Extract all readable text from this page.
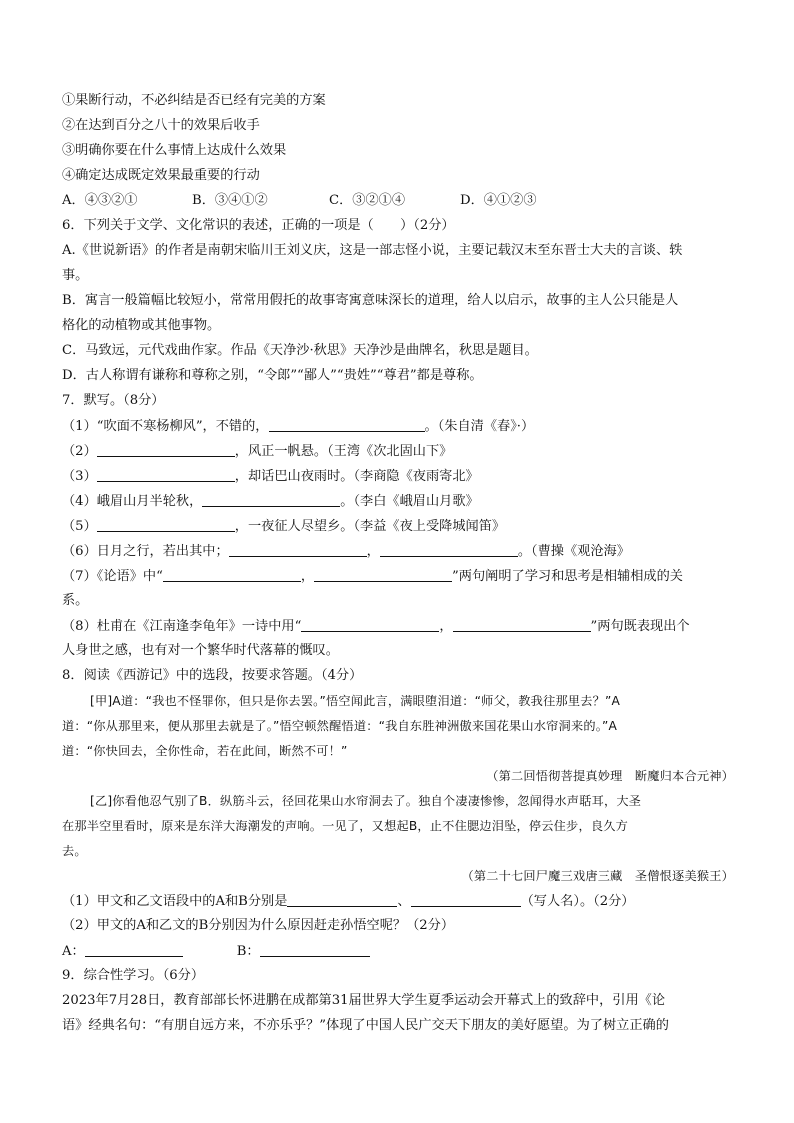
①果断行动，不必纠结是否已经有完美的方案
②在达到百分之八十的效果后收手
③明确你要在什么事情上达成什么效果
④确定达成既定效果最重要的行动
A．④③②①	B．③④①②	C．③②①④	D．④①②③
6．下列关于文学、文化常识的表述，正确的一项是（　　）（2分）
A.《世说新语》的作者是南朝宋临川王刘义庆，这是一部志怪小说，主要记载汉末至东晋士大夫的言谈、轶
事。
B．寓言一般篇幅比较短小，常常用假托的故事寄寓意味深长的道理，给人以启示，故事的主人公只能是人
格化的动植物或其他事物。
C．马致远，元代戏曲作家。作品《天净沙·秋思》天净沙是曲牌名，秋思是题目。
D．古人称谓有谦称和尊称之别，“令郎”“鄙人”“贵姓”“尊君”都是尊称。
7．默写。（8分）
（1）“吹面不寒杨柳风”，不错的，	。（朱自清《春》·）
（2）	，风正一帆悬。（王湾《次北固山下》
（3）	，却话巴山夜雨时。（李商隐《夜雨寄北》
（4）峨眉山月半轮秋，	。（李白《峨眉山月歌》
（5）	，一夜征人尽望乡。（李益《夜上受降城闻笛》
（6）日月之行，若出其中；	，	。（曹操《观沧海》
（7）《论语》中“	，	”两句阐明了学习和思考是相辅相成的关
系。
（8）杜甫在《江南逢李龟年》一诗中用“	，	”两句既表现出个
人身世之感，也有对一个繁华时代落幕的慨叹。
8．阅读《西游记》中的选段，按要求答题。（4分）
[甲]A道：“我也不怪罪你，但只是你去罢。”悟空闻此言，满眼堕泪道：“师父，教我往那里去？”A
道：“你从那里来，便从那里去就是了。”悟空顿然醒悟道：“我自东胜神洲傲来国花果山水帘洞来的。”A
道：“你快回去，全你性命，若在此间，断然不可！”
（第二回悟彻菩提真妙理　断魔归本合元神）
[乙]你看他忍气别了B．纵筋斗云，径回花果山水帘洞去了。独自个凄凄惨惨，忽闻得水声聒耳，大圣
在那半空里看时，原来是东洋大海潮发的声响。一见了，又想起B，止不住腮边泪坠，停云住步，良久方
去。
（第二十七回尸魔三戏唐三藏　圣僧恨逐美猴王）
（1）甲文和乙文语段中的A和B分别是	、	（写人名）。（2分）
（2）甲文的A和乙文的B分别因为什么原因赶走孙悟空呢？（2分）
A：	B：
9．综合性学习。（6分）
2023年7月28日，教育部部长怀进鹏在成都第31届世界大学生夏季运动会开幕式上的致辞中，引用《论
语》经典名句：“有朋自远方来，不亦乐乎？”体现了中国人民广交天下朋友的美好愿望。为了树立正确的
